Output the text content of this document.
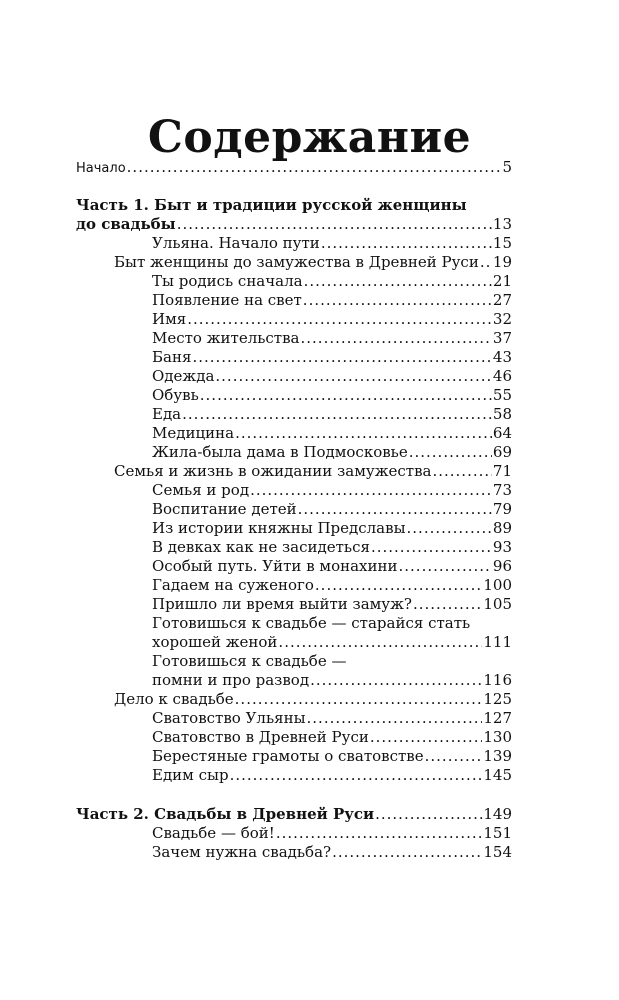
Содержание
Начало .....	5
Часть 1. Быт и традиции русской женщины
до свадьбы .....	13
Ульяна. Начало пути .....	15
Быт женщины до замужества в Древней Руси ..... 19
Ты родись сначала .....	21
Появление на свет .....	27
Имя .....	32
Место жительства .....	37
Баня .....	43
Одежда .....	46
Обувь .....	55
Еда .....	58
Медицина .....	64
Жила-была дама в Подмосковье .....	69
Семья и жизнь в ожидании замужества .....	71
Семья и род .....	73
Воспитание детей .....	79
Из истории княжны Предславы .....	89
В девках как не засидеться .....	93
Особый путь. Уйти в монахини .....	96
Гадаем на суженого .....	100
Пришло ли время выйти замуж? .....	105
Готовишься к свадьбе — старайся стать
хорошей женой .....	111
Готовишься к свадьбе —
помни и про развод .....	116
Дело к свадьбе .....	125
Сватовство Ульяны .....	127
Сватовство в Древней Руси .....	130
Берестяные грамоты о сватовстве .....	139
Едим сыр .....	145
Часть 2. Свадьбы в Древней Руси .....	149
Свадьбе — бой! .....	151
Зачем нужна свадьба? .....	154
